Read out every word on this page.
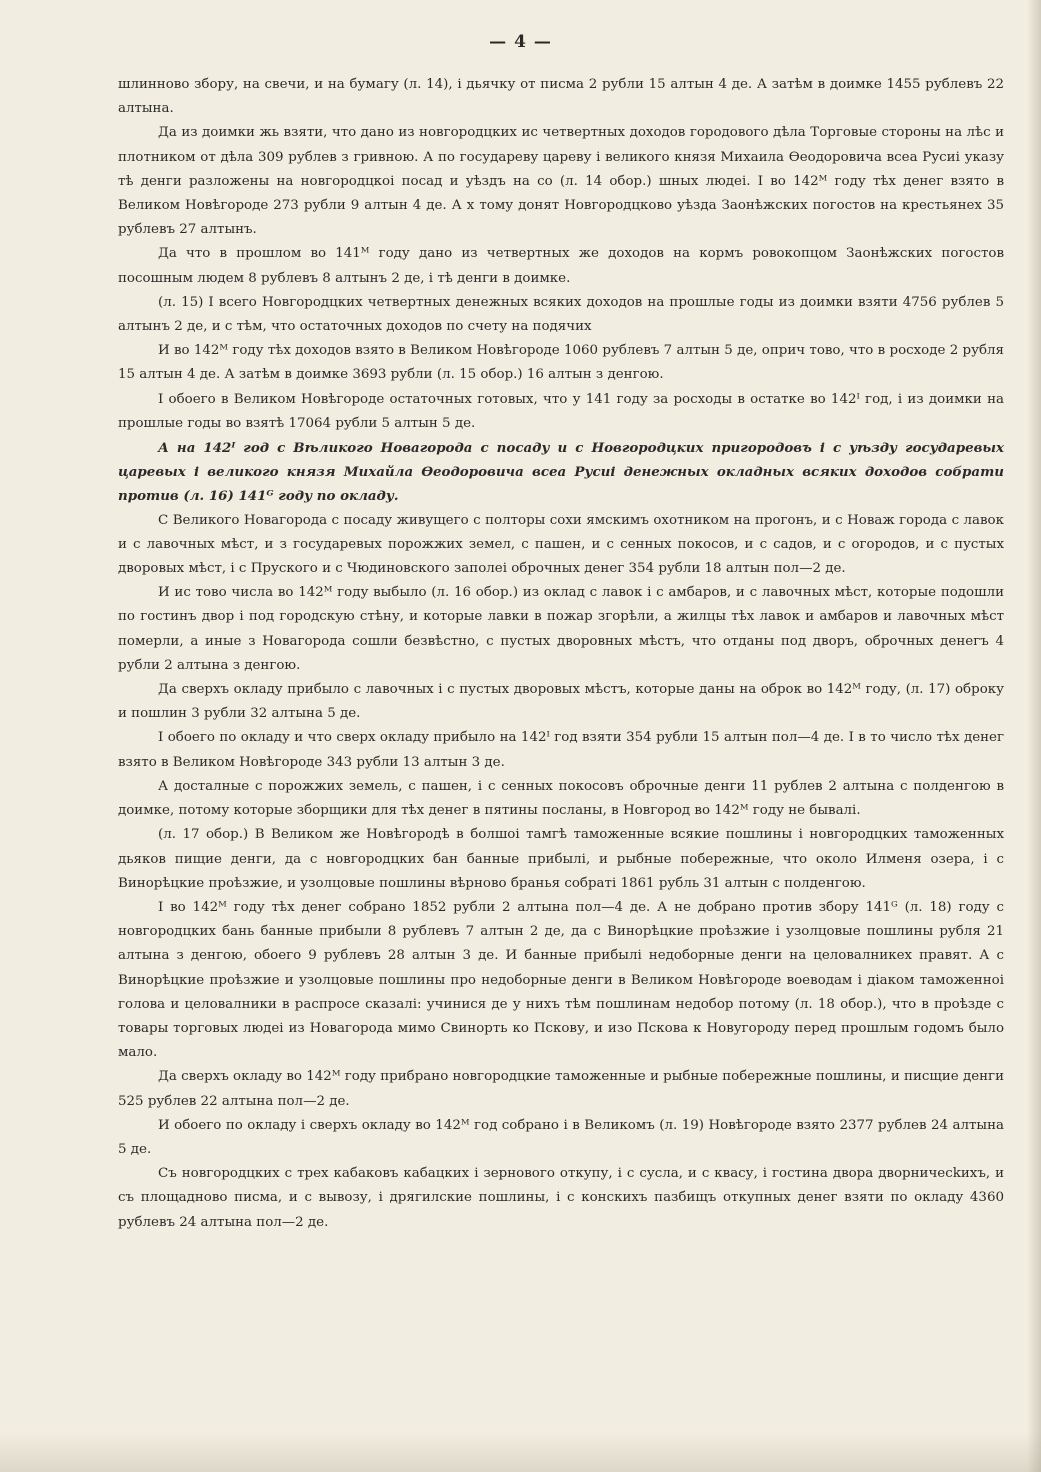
— 4 —

шлинново збору, на свечи, и на бумагу (л. 14), і дьячку от писма 2 рубли 15 алтын 4 де. А затѣм в доимке 1455 рублевъ 22 алтына.

Да из доимки жь взяти, что дано из новгородцких ис четвертных доходов городового дѣла Торговые стороны на лѣс и плотником от дѣла 309 рублев з гривною. А по государеву цареву і великого князя Михаила Ѳеодоровича всеа Русиі указу тѣ денги разложены на новгородцкоі посад и уѣздъ на со (л. 14 обор.) шных людеі. І во 142ᴹ году тѣх денег взято в Великом Новѣгороде 273 рубли 9 алтын 4 де. А х тому донят Новгородцково уѣзда Заонѣжских погостов на крестьянех 35 рублевъ 27 алтынъ.

Да что в прошлом во 141ᴹ году дано из четвертных же доходов на кормъ ровокопцом Заонѣжских погостов посошным людем 8 рублевъ 8 алтынъ 2 де, і тѣ денги в доимке.

(л. 15) І всего Новгородцких четвертных денежных всяких доходов на прошлые годы из доимки взяти 4756 рублев 5 алтынъ 2 де, и с тѣм, что остаточных доходов по счету на подячих

И во 142ᴹ году тѣх доходов взято в Великом Новѣгороде 1060 рублевъ 7 алтын 5 де, оприч тово, что в росходе 2 рубля 15 алтын 4 де. А затѣм в доимке 3693 рубли (л. 15 обор.) 16 алтын з денгою.

І обоего в Великом Новѣгороде остаточных готовых, что у 141 году за росходы в остатке во 142ᴵ год, і из доимки на прошлые годы во взятѣ 17064 рубли 5 алтын 5 де.

А на 142ᴵ год с Вѣликого Новагорода с посаду и с Новгородцких пригородовъ і с уѣзду государевых царевых і великого князя Михайла Ѳеодоровича всеа Русиі денежных окладных всяких доходов собрати против (л. 16) 141ᴳ году по окладу.

С Великого Новагорода с посаду живущего с полторы сохи ямскимъ охотником на прогонъ, и с Новаж города с лавок и с лавочных мѣст, и з государевых порожжих земел, с пашен, и с сенных покосов, и с садов, и с огородов, и с пустых дворовых мѣст, і с Пруского и с Чюдиновского заполеі оброчных денег 354 рубли 18 алтын пол—2 де.

И ис тово числа во 142ᴹ году выбыло (л. 16 обор.) из оклад с лавок і с амбаров, и с лавочных мѣст, которые подошли по гостинъ двор і под городскую стѣну, и которые лавки в пожар згорѣли, а жилцы тѣх лавок и амбаров и лавочных мѣст померли, а иные з Новагорода сошли безвѣстно, с пустых дворовных мѣстъ, что отданы под дворъ, оброчных денегъ 4 рубли 2 алтына з денгою.

Да сверхъ окладу прибыло с лавочных і с пустых дворовых мѣстъ, которые даны на оброк во 142ᴹ году, (л. 17) оброку и пошлин 3 рубли 32 алтына 5 де.

І обоего по окладу и что сверх окладу прибыло на 142ᴵ год взяти 354 рубли 15 алтын пол—4 де. І в то число тѣх денег взято в Великом Новѣгороде 343 рубли 13 алтын 3 де.

А досталные с порожжих земель, с пашен, і с сенных покосовъ оброчные денги 11 рублев 2 алтына с полденгою в доимке, потому которые зборщики для тѣх денег в пятины посланы, в Новгород во 142ᴹ году не бывалі.

(л. 17 обор.) В Великом же Новѣгородѣ в болшоі тамгѣ таможенные всякие пошлины і новгородцких таможенных дьяков пищие денги, да с новгородцких бан банные прибылі, и рыбные побережные, что около Илменя озера, і с Винорѣцкие проѣзжие, и узолцовые пошлины вѣрново бранья собраті 1861 рубль 31 алтын с полденгою.

І во 142ᴹ году тѣх денег собрано 1852 рубли 2 алтына пол—4 де. А не добрано против збору 141ᴳ (л. 18) году с новгородцких бань банные прибыли 8 рублевъ 7 алтын 2 де, да с Винорѣцкие проѣзжие і узолцовые пошлины рубля 21 алтына з денгою, обоего 9 рублевъ 28 алтын 3 де. И банные прибылі недоборные денги на целовалникех правят. А с Винорѣцкие проѣзжие и узолцовые пошлины про недоборные денги в Великом Новѣгороде воеводам і діаком таможенноі голова и целовалники в распросе сказалі: учинися де у нихъ тѣм пошлинам недобор потому (л. 18 обор.), что в проѣзде с товары торговых людеі из Новагорода мимо Свинорть ко Пскову, и изо Пскова к Новугороду перед прошлым годомъ было мало.

Да сверхъ окладу во 142ᴹ году прибрано новгородцкие таможенные и рыбные побережные пошлины, и писщие денги 525 рублев 22 алтына пол—2 де.

И обоего по окладу і сверхъ окладу во 142ᴹ год собрано і в Великомъ (л. 19) Новѣгороде взято 2377 рублев 24 алтына 5 де.

Съ новгородцких с трех кабаковъ кабацких і зернового откупу, і с сусла, и с квасу, і гостина двора дворничеckихъ, и съ площадново писма, и с вывозу, і дрягилские пошлины, і с конскихъ пазбищъ откупных денег взяти по окладу 4360 рублевъ 24 алтына пол—2 де.
